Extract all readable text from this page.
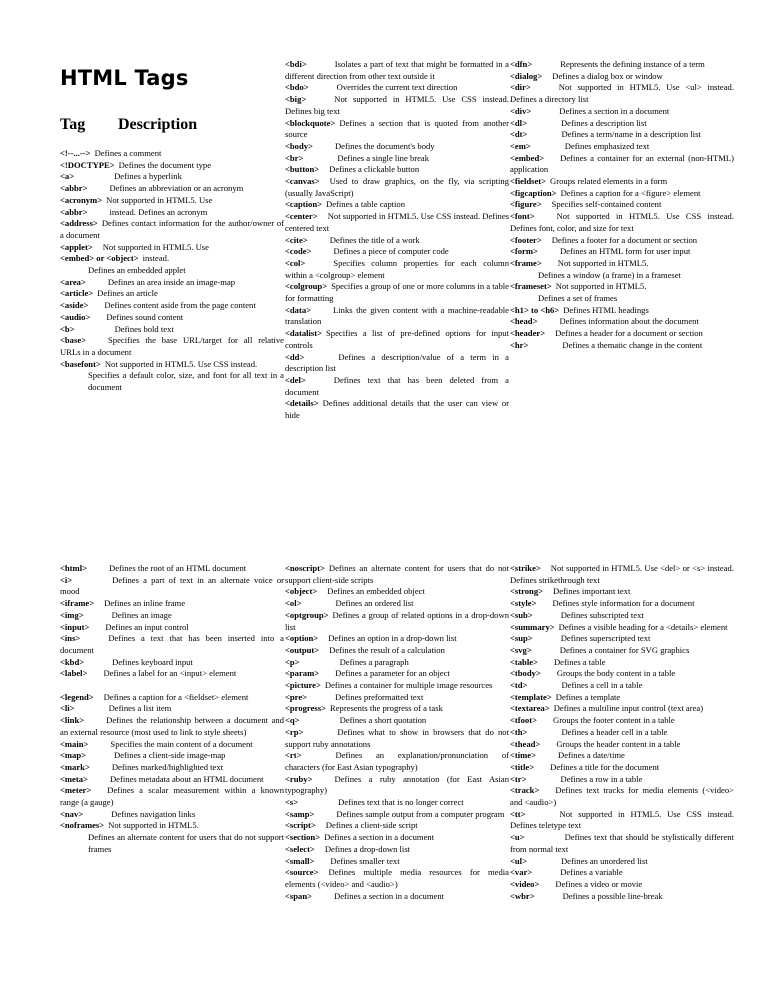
HTML Tags
Tag Description

<!--...--> Defines a comment

<!DOCTYPE> Defines the document type

<a>	Defines a hyperlink

<abbr>	Defines an abbreviation or an acronym

<acronym> Not supported in HTML5. Use

<abbr>	instead. Defines an acronym

<address> Defines contact information for the author/owner of a document

<applet> Not supported in HTML5. Use

<embed> or <object> instead.

Defines an embedded applet

<area>	Defines an area inside an image-map

<article> Defines an article

<aside> Defines content aside from the page content

<audio> Defines sound content

<b>	Defines bold text

<base>	Specifies the base URL/target for all relative URLs in a document

<basefont> Not supported in HTML5. Use CSS instead.

Specifies a default color, size, and font for all text in a document

<bdi>	Isolates a part of text that might be formatted in a different direction from other text outside it

<bdo>	Overrides the current text direction

<big>	Not supported in HTML5. Use CSS instead. Defines big text

<blockquote> Defines a section that is quoted from another source

<body>	Defines the document's body

<br>	Defines a single line break

<button> Defines a clickable button

<canvas> Used to draw graphics, on the fly, via scripting (usually JavaScript)

<caption> Defines a table caption

<center> Not supported in HTML5. Use CSS instead. Defines centered text

<cite>	Defines the title of a work

<code>	Defines a piece of computer code

<col>	Specifies column properties for each column within a <colgroup> element

<colgroup> Specifies a group of one or more columns in a table for formatting

<data>	Links the given content with a machine-readable translation

<datalist> Specifies a list of pre-defined options for input controls

<dd>	Defines a description/value of a term in a description list

<del>	Defines text that has been deleted from a document

<details> Defines additional details that the user can view or hide

<dfn>	Represents the defining instance of a term

<dialog> Defines a dialog box or window

<dir>	Not supported in HTML5. Use <ul> instead. Defines a directory list

<div>	Defines a section in a document

<dl>	Defines a description list

<dt>	Defines a term/name in a description list

<em>	Defines emphasized text

<embed> Defines a container for an external (non-HTML) application

<fieldset> Groups related elements in a form

<figcaption> Defines a caption for a <figure> element

<figure> Specifies self-contained content

<font>	Not supported in HTML5. Use CSS instead. Defines font, color, and size for text

<footer> Defines a footer for a document or section

<form>	Defines an HTML form for user input

<frame> Not supported in HTML5.

Defines a window (a frame) in a frameset

<frameset> Not supported in HTML5.

Defines a set of frames

<h1> to <h6> Defines HTML headings

<head>	Defines information about the document

<header> Defines a header for a document or section

<hr>	Defines a thematic change in the content

<html>	Defines the root of an HTML document

<i>	Defines a part of text in an alternate voice or mood

<iframe> Defines an inline frame

<img>	Defines an image

<input> Defines an input control

<ins>	Defines a text that has been inserted into a document

<kbd>	Defines keyboard input

<label> Defines a label for an <input> element

<legend> Defines a caption for a <fieldset> element

<li>	Defines a list item

<link>	Defines the relationship between a document and an external resource (most used to link to style sheets)

<main>	Specifies the main content of a document

<map>	Defines a client-side image-map

<mark>	Defines marked/highlighted text

<meta>	Defines metadata about an HTML document

<meter> Defines a scalar measurement within a known range (a gauge)

<nav>	Defines navigation links

<noframes> Not supported in HTML5.

Defines an alternate content for users that do not support frames

<noscript> Defines an alternate content for users that do not support client-side scripts

<object> Defines an embedded object

<ol>	Defines an ordered list

<optgroup> Defines a group of related options in a drop-down list

<option> Defines an option in a drop-down list

<output> Defines the result of a calculation

<p>	Defines a paragraph

<param> Defines a parameter for an object

<picture> Defines a container for multiple image resources

<pre>	Defines preformatted text

<progress> Represents the progress of a task

<q>	Defines a short quotation

<rp>	Defines what to show in browsers that do not support ruby annotations

<rt>	Defines an explanation/pronunciation of characters (for East Asian typography)

<ruby>	Defines a ruby annotation (for East Asian typography)

<s>	Defines text that is no longer correct

<samp>	Defines sample output from a computer program

<script> Defines a client-side script

<section> Defines a section in a document

<select> Defines a drop-down list

<small> Defines smaller text

<source> Defines multiple media resources for media elements (<video> and <audio>)

<span>	Defines a section in a document

<strike> Not supported in HTML5. Use <del> or <s> instead. Defines strikethrough text

<strong> Defines important text

<style> Defines style information for a document

<sub>	Defines subscripted text

<summary> Defines a visible heading for a <details> element

<sup>	Defines superscripted text

<svg>	Defines a container for SVG graphics

<table> Defines a table

<tbody> Groups the body content in a table

<td>	Defines a cell in a table

<template> Defines a template

<textarea> Defines a multiline input control (text area)

<tfoot> Groups the footer content in a table

<th>	Defines a header cell in a table

<thead> Groups the header content in a table

<time>	Defines a date/time

<title> Defines a title for the document

<tr>	Defines a row in a table

<track> Defines text tracks for media elements (<video> and <audio>)

<tt>	Not supported in HTML5. Use CSS instead. Defines teletype text

<u>	Defines text that should be stylistically different from normal text

<ul>	Defines an unordered list

<var>	Defines a variable

<video> Defines a video or movie

<wbr>	Defines a possible line-break
